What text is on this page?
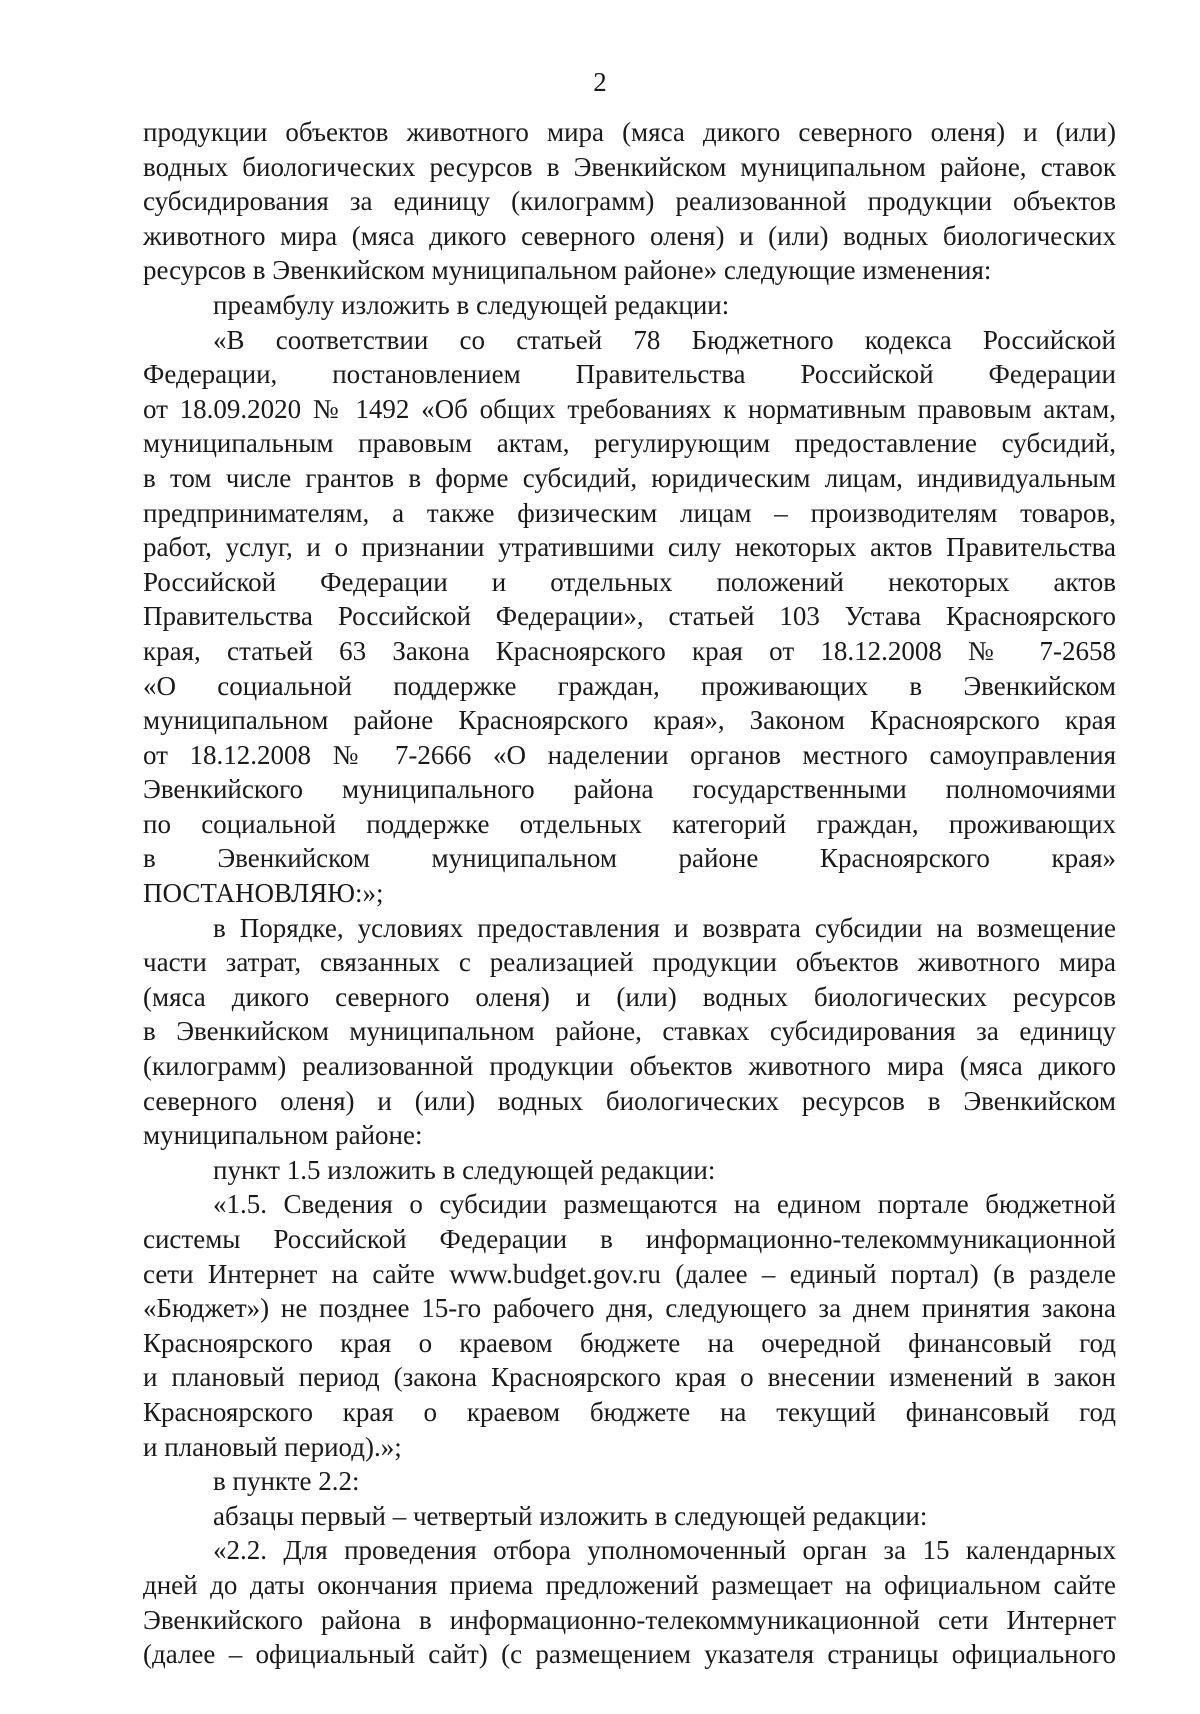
2
продукции объектов животного мира (мяса дикого северного оленя) и (или)
водных биологических ресурсов в Эвенкийском муниципальном районе, ставок
субсидирования за единицу (килограмм) реализованной продукции объектов
животного мира (мяса дикого северного оленя) и (или) водных биологических
ресурсов в Эвенкийском муниципальном районе» следующие изменения:
преамбулу изложить в следующей редакции:
«В соответствии со статьей 78 Бюджетного кодекса Российской
Федерации, постановлением Правительства Российской Федерации
от 18.09.2020 № 1492 «Об общих требованиях к нормативным правовым актам,
муниципальным правовым актам, регулирующим предоставление субсидий,
в том числе грантов в форме субсидий, юридическим лицам, индивидуальным
предпринимателям, а также физическим лицам – производителям товаров,
работ, услуг, и о признании утратившими силу некоторых актов Правительства
Российской Федерации и отдельных положений некоторых актов
Правительства Российской Федерации», статьей 103 Устава Красноярского
края, статьей 63 Закона Красноярского края от 18.12.2008 № 7-2658
«О социальной поддержке граждан, проживающих в Эвенкийском
муниципальном районе Красноярского края», Законом Красноярского края
от 18.12.2008 № 7-2666 «О наделении органов местного самоуправления
Эвенкийского муниципального района государственными полномочиями
по социальной поддержке отдельных категорий граждан, проживающих
в Эвенкийском муниципальном районе Красноярского края»
ПОСТАНОВЛЯЮ:»;
в Порядке, условиях предоставления и возврата субсидии на возмещение
части затрат, связанных с реализацией продукции объектов животного мира
(мяса дикого северного оленя) и (или) водных биологических ресурсов
в Эвенкийском муниципальном районе, ставках субсидирования за единицу
(килограмм) реализованной продукции объектов животного мира (мяса дикого
северного оленя) и (или) водных биологических ресурсов в Эвенкийском
муниципальном районе:
пункт 1.5 изложить в следующей редакции:
«1.5. Сведения о субсидии размещаются на едином портале бюджетной
системы Российской Федерации в информационно-телекоммуникационной
сети Интернет на сайте www.budget.gov.ru (далее – единый портал) (в разделе
«Бюджет») не позднее 15-го рабочего дня, следующего за днем принятия закона
Красноярского края о краевом бюджете на очередной финансовый год
и плановый период (закона Красноярского края о внесении изменений в закон
Красноярского края о краевом бюджете на текущий финансовый год
и плановый период).»;
в пункте 2.2:
абзацы первый – четвертый изложить в следующей редакции:
«2.2. Для проведения отбора уполномоченный орган за 15 календарных
дней до даты окончания приема предложений размещает на официальном сайте
Эвенкийского района в информационно-телекоммуникационной сети Интернет
(далее – официальный сайт) (с размещением указателя страницы официального
